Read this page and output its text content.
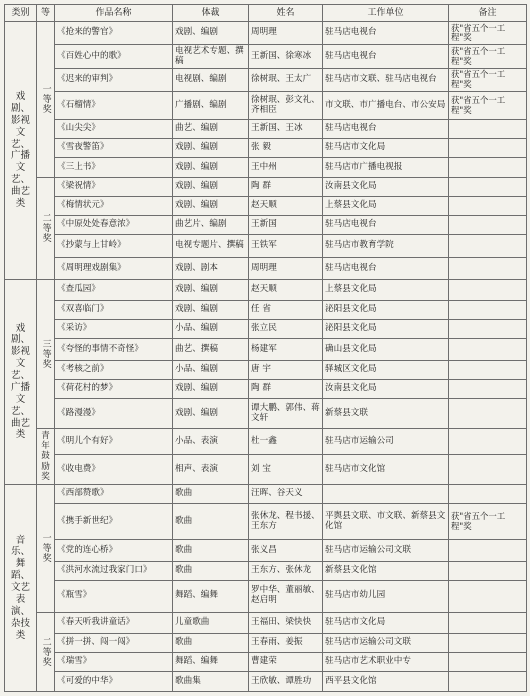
类别	等	作品名称	体裁	姓名	工作单位	备注
戏剧、影视文艺、广播文艺、曲艺类	一等奖	《抢来的警官》	戏剧、编剧	周明理	驻马店电视台	获"省五个一工程"奖
		《百姓心中的歌》	电视艺术专题、撰稿	王新国、徐寒冰	驻马店电视台	获"省五个一工程"奖
		《迟来的审判》	电视剧、编剧	徐树珉、王太广	驻马店市文联、驻马店电视台	获"省五个一工程"奖
		《石榴情》	广播剧、编剧	徐树珉、彭文礼、齐相臣	市文联、市广播电台、市公安局	获"省五个一工程"奖
		《山尖尖》	曲艺、编剧	王新国、王冰	驻马店电视台	
		《雪夜警笛》	戏剧、编剧	张 毅	驻马店市文化局	
		《三上书》	戏剧、编剧	王中州	驻马店市广播电视报	
	二等奖	《梁祝情》	戏剧、编剧	陶 群	汝南县文化局	
		《梅情状元》	戏剧、编剧	赵天顺	上蔡县文化局	
		《中原处处春意浓》	曲艺片、编剧	王新国	驻马店电视台	
		《抄蒙与上甘岭》	电视专题片、撰稿	王铁军	驻马店市教育学院	
		《周明理戏剧集》	戏剧、剧本	周明理	驻马店电视台	
戏剧、影视文艺、广播文艺、曲艺类	三等奖	《查瓜园》	戏剧、编剧	赵天顺	上蔡县文化局	
		《双喜临门》	戏剧、编剧	任 省	泌阳县文化局	
		《采访》	小品、编剧	张立民	泌阳县文化局	
		《夸怪的事情不奇怪》	曲艺、撰稿	杨建军	确山县文化局	
		《考核之前》	小品、编剧	唐 宇	驿城区文化局	
		《荷花村的梦》	戏剧、编剧	陶 群	汝南县文化局	
		《路漫漫》	戏剧、编剧	谭大鹏、郭伟、蒋文轩	新蔡县文联	
	青年鼓励奖	《明儿个有好》	小品、表演	杜一鑫	驻马店市运输公司	
		《收电费》	相声、表演	刘 宝	驻马店市文化馆	
音乐、舞蹈、文艺表演、杂技类	一等奖	《西部赞歌》	歌曲	汪晖、谷天义		
		《携手新世纪》	歌曲	张休龙、程书援、王东方	平舆县文联、市文联、新蔡县文化馆	获"省五个一工程"奖
		《党的连心桥》	歌曲	张义昌	驻马店市运输公司文联	
		《洪河水流过我家门口》	歌曲	王东方、张休龙	新蔡县文化馆	
		《瓶雪》	舞蹈、编舞	罗中华、董丽敏、赵启明	驻马店市幼儿园	
	二等奖	《春天听我讲童话》	儿童歌曲	王福田、梁快快	驻马店市文化局	
		《拼一拼、闯一闯》	歌曲	王春雨、姜振	驻马店市运输公司文联	
		《瑞雪》	舞蹈、编舞	曹建荣	驻马店市艺术职业中专	
		《可爱的中华》	歌曲集	王欣敏、谭胜功	西平县文化馆	
